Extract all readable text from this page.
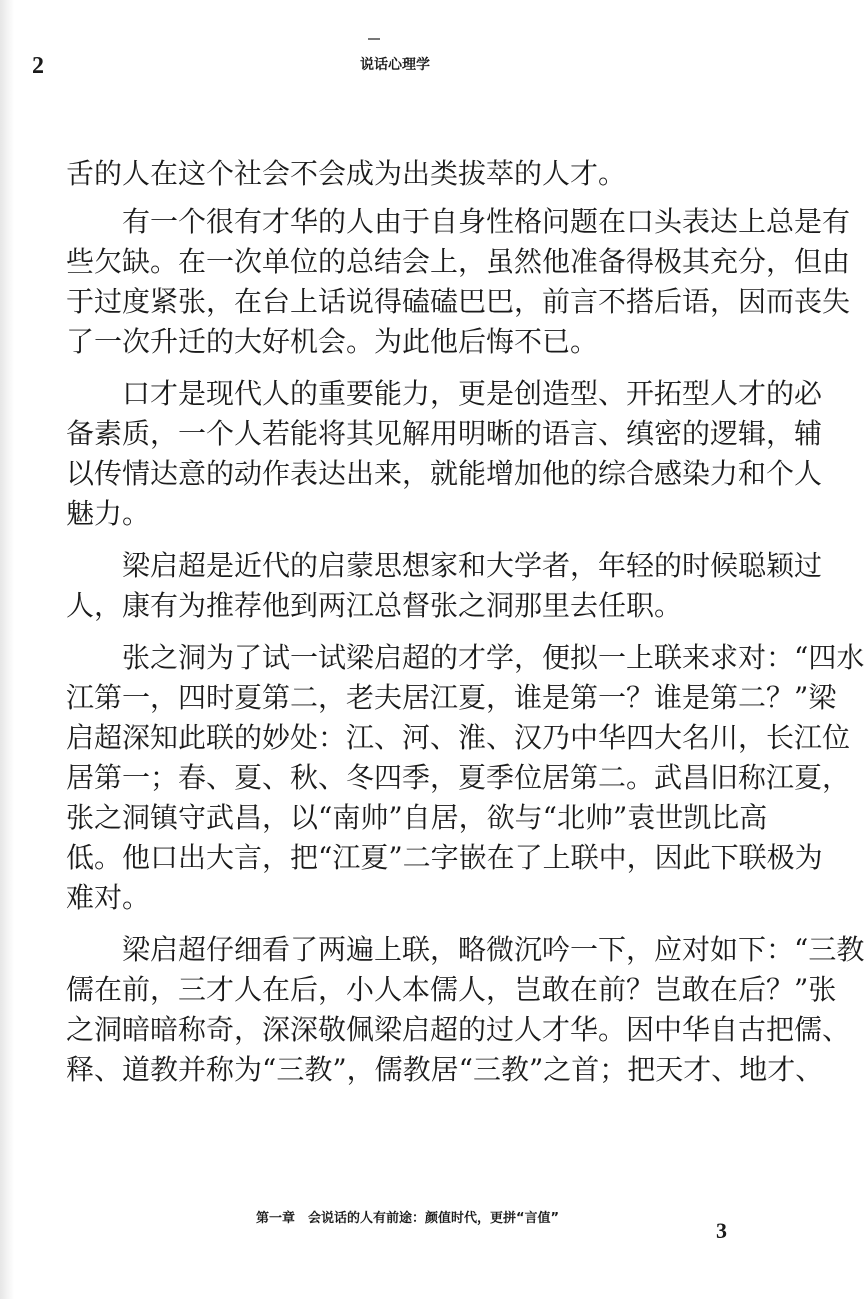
2	说话心理学
舌的人在这个社会不会成为出类拔萃的人才。
　　有一个很有才华的人由于自身性格问题在口头表达上总是有
些欠缺。在一次单位的总结会上，虽然他准备得极其充分，但由
于过度紧张，在台上话说得磕磕巴巴，前言不搭后语，因而丧失
了一次升迁的大好机会。为此他后悔不已。
　　口才是现代人的重要能力，更是创造型、开拓型人才的必
备素质，一个人若能将其见解用明晰的语言、缜密的逻辑，辅
以传情达意的动作表达出来，就能增加他的综合感染力和个人
魅力。
　　梁启超是近代的启蒙思想家和大学者，年轻的时候聪颖过
人，康有为推荐他到两江总督张之洞那里去任职。
　　张之洞为了试一试梁启超的才学，便拟一上联来求对：“四水
江第一，四时夏第二，老夫居江夏，谁是第一？谁是第二？”梁
启超深知此联的妙处：江、河、淮、汉乃中华四大名川，长江位
居第一；春、夏、秋、冬四季，夏季位居第二。武昌旧称江夏，
张之洞镇守武昌，以“南帅”自居，欲与“北帅”袁世凯比高
低。他口出大言，把“江夏”二字嵌在了上联中，因此下联极为
难对。
　　梁启超仔细看了两遍上联，略微沉吟一下，应对如下：“三教
儒在前，三才人在后，小人本儒人，岂敢在前？岂敢在后？”张
之洞暗暗称奇，深深敬佩梁启超的过人才华。因中华自古把儒、
释、道教并称为“三教”，儒教居“三教”之首；把天才、地才、
第一章　会说话的人有前途：颜值时代，更拼“言值”	3
